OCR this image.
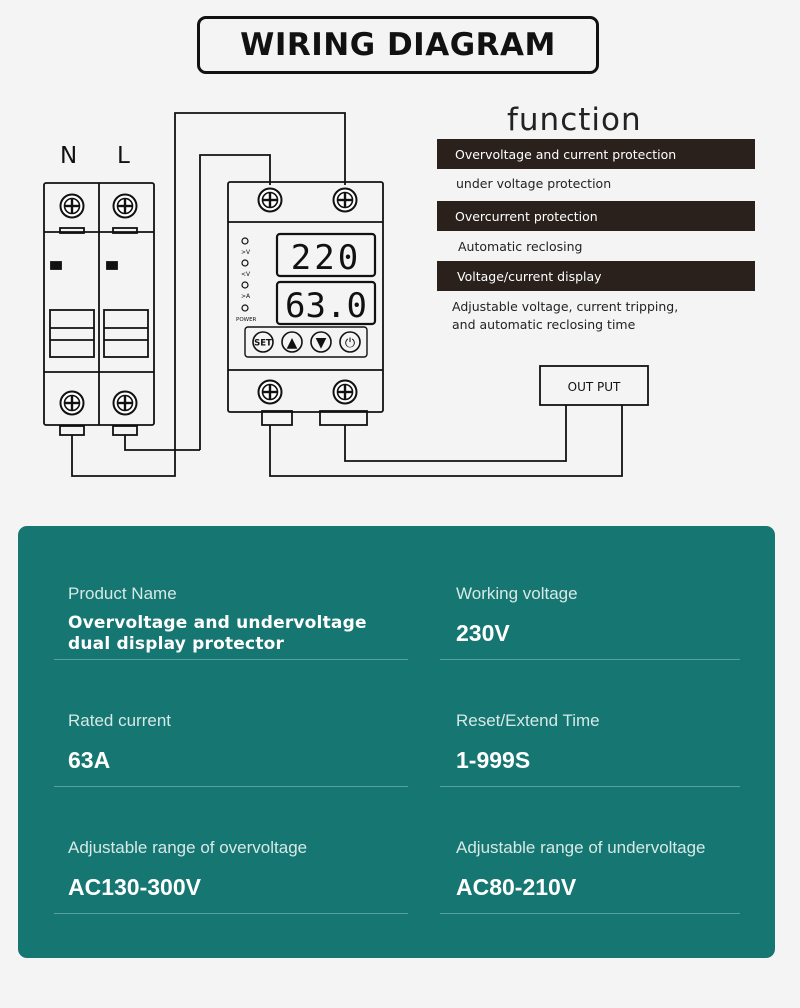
WIRING DIAGRAM
N L
>V
<V
>A
POWER
220
63.0
SET ▲ ▼ ⏻
OUT PUT
function
Overvoltage and current protection
under voltage protection
Overcurrent protection
Automatic reclosing
Voltage/current display
Adjustable voltage, current tripping,
and automatic reclosing time
Product Name
Overvoltage and undervoltage
dual display protector
Working voltage
230V
Rated current
63A
Reset/Extend Time
1-999S
Adjustable range of overvoltage
AC130-300V
Adjustable range of undervoltage
AC80-210V
